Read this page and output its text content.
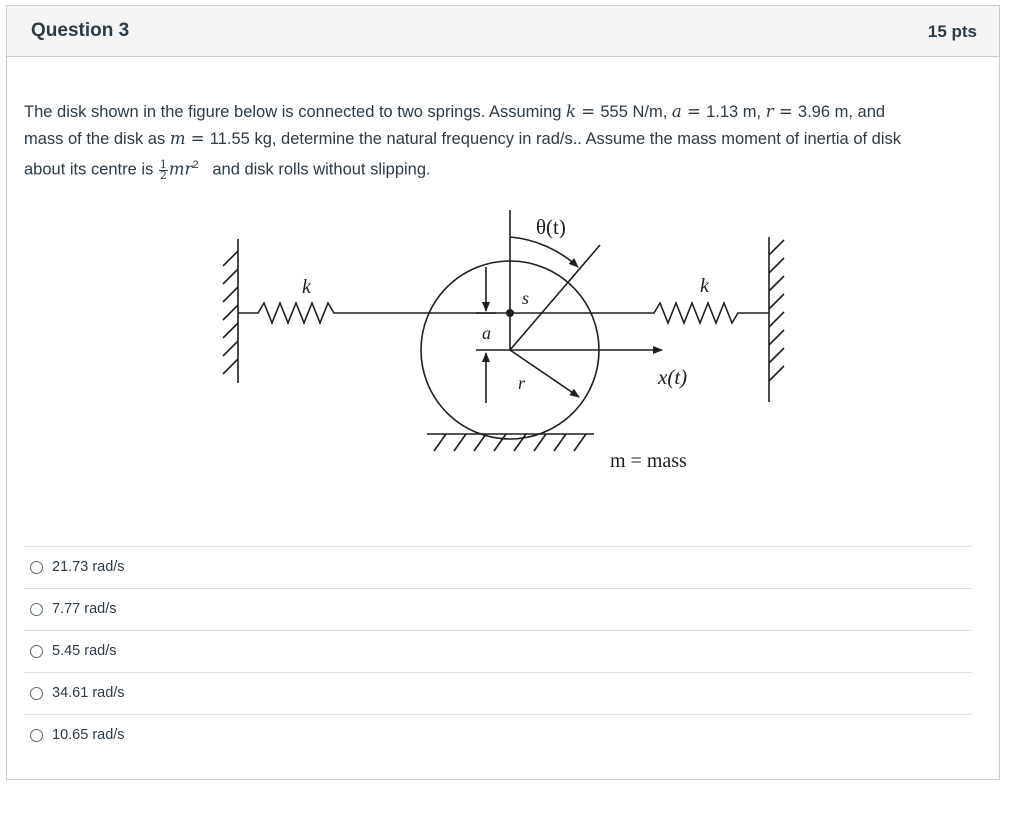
Question 3	15 pts
The disk shown in the figure below is connected to two springs. Assuming k = 555 N/m, a = 1.13 m, r = 3.96 m, and
mass of the disk as m = 11.55 kg, determine the natural frequency in rad/s.. Assume the mass moment of inertia of disk
about its centre is $\frac{1}{2} mr^2$ and disk rolls without slipping.
θ(t)
k	k
s
a
r	x(t)
m = mass
21.73 rad/s
7.77 rad/s
5.45 rad/s
34.61 rad/s
10.65 rad/s
